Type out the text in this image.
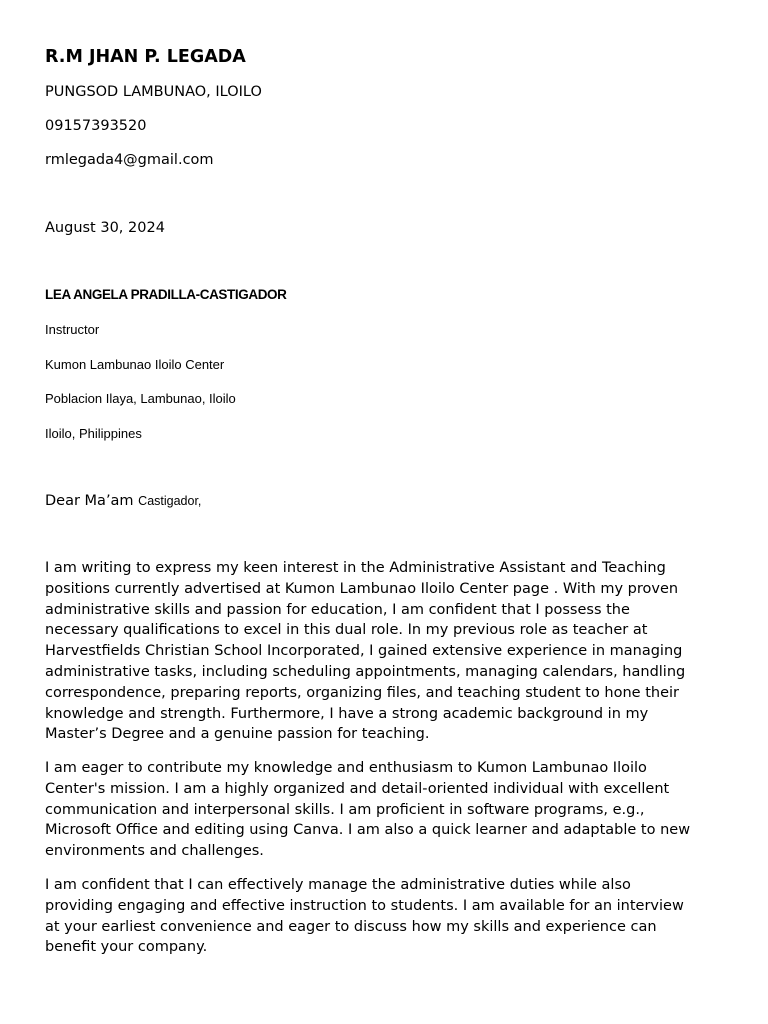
R.M JHAN P. LEGADA
PUNGSOD LAMBUNAO, ILOILO
09157393520
rmlegada4@gmail.com
August 30, 2024
LEA ANGELA PRADILLA-CASTIGADOR
Instructor
Kumon Lambunao Iloilo Center
Poblacion Ilaya, Lambunao, Iloilo
Iloilo, Philippines
Dear Ma’am Castigador,
I am writing to express my keen interest in the Administrative Assistant and Teaching
positions currently advertised at Kumon Lambunao Iloilo Center page . With my proven
administrative skills and passion for education, I am confident that I possess the
necessary qualifications to excel in this dual role. In my previous role as teacher at
Harvestfields Christian School Incorporated, I gained extensive experience in managing
administrative tasks, including scheduling appointments, managing calendars, handling
correspondence, preparing reports, organizing files, and teaching student to hone their
knowledge and strength. Furthermore, I have a strong academic background in my
Master’s Degree and a genuine passion for teaching.
I am eager to contribute my knowledge and enthusiasm to Kumon Lambunao Iloilo
Center's mission. I am a highly organized and detail-oriented individual with excellent
communication and interpersonal skills. I am proficient in software programs, e.g.,
Microsoft Office and editing using Canva. I am also a quick learner and adaptable to new
environments and challenges.
I am confident that I can effectively manage the administrative duties while also
providing engaging and effective instruction to students. I am available for an interview
at your earliest convenience and eager to discuss how my skills and experience can
benefit your company.
